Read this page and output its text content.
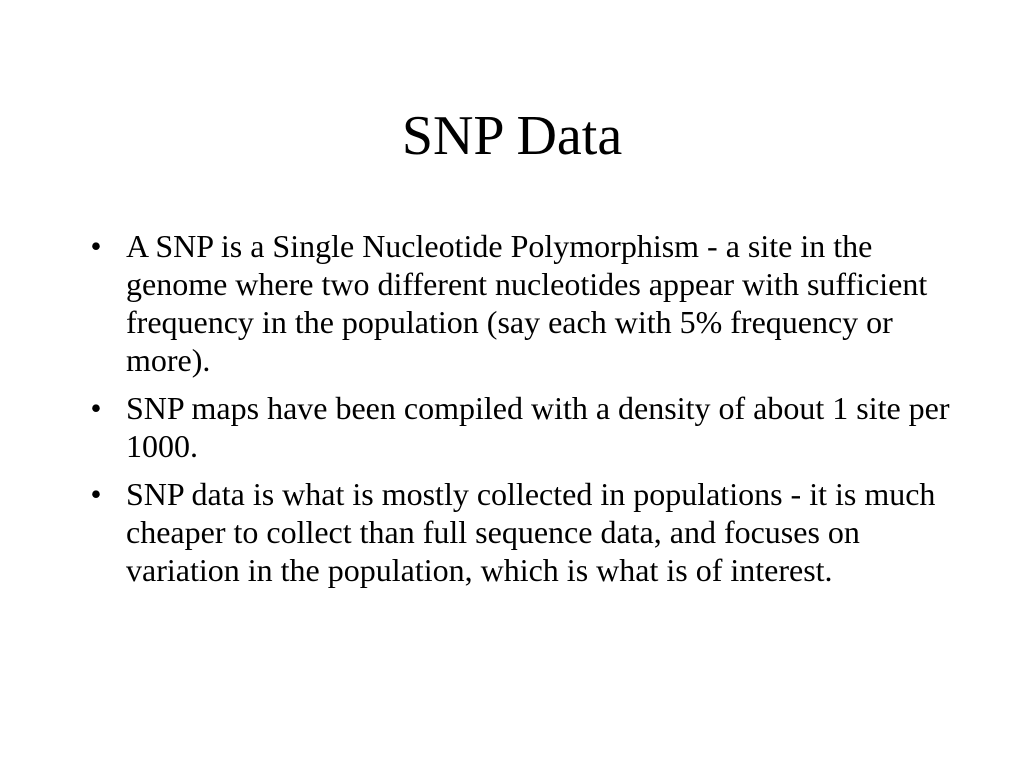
SNP Data
• A SNP is a Single Nucleotide Polymorphism - a site in the genome where two different nucleotides appear with sufficient frequency in the population (say each with 5% frequency or more).
• SNP maps have been compiled with a density of about 1 site per 1000.
• SNP data is what is mostly collected in populations - it is much cheaper to collect than full sequence data, and focuses on variation in the population, which is what is of interest.
